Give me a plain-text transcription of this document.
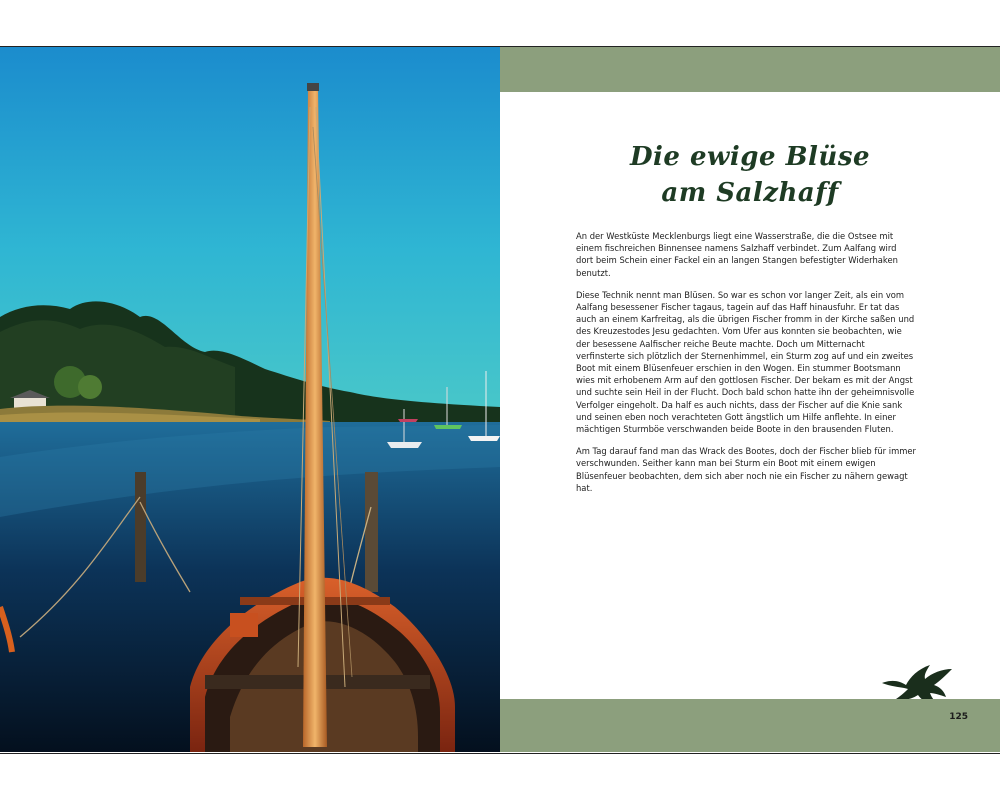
Die ewige Blüse
am Salzhaff

An der Westküste Mecklenburgs liegt eine Wasserstraße, die die Ostsee mit einem fischreichen Binnensee namens Salzhaff verbindet. Zum Aalfang wird dort beim Schein einer Fackel ein an langen Stangen befestigter Widerhaken benutzt.

Diese Technik nennt man Blüsen. So war es schon vor langer Zeit, als ein vom Aalfang besessener Fischer tagaus, tagein auf das Haff hinausfuhr. Er tat das auch an einem Karfreitag, als die übrigen Fischer fromm in der Kirche saßen und des Kreuzestodes Jesu gedachten. Vom Ufer aus konnten sie beobachten, wie der besessene Aalfischer reiche Beute machte. Doch um Mitternacht verfinsterte sich plötzlich der Sternenhimmel, ein Sturm zog auf und ein zweites Boot mit einem Blüsenfeuer erschien in den Wogen. Ein stummer Bootsmann wies mit erhobenem Arm auf den gottlosen Fischer. Der bekam es mit der Angst und suchte sein Heil in der Flucht. Doch bald schon hatte ihn der geheimnisvolle Verfolger eingeholt. Da half es auch nichts, dass der Fischer auf die Knie sank und seinen eben noch verachteten Gott ängstlich um Hilfe anflehte. In einer mächtigen Sturmböe verschwanden beide Boote in den brausenden Fluten.

Am Tag darauf fand man das Wrack des Bootes, doch der Fischer blieb für immer verschwunden. Seither kann man bei Sturm ein Boot mit einem ewigen Blüsenfeuer beobachten, dem sich aber noch nie ein Fischer zu nähern gewagt hat.

125
